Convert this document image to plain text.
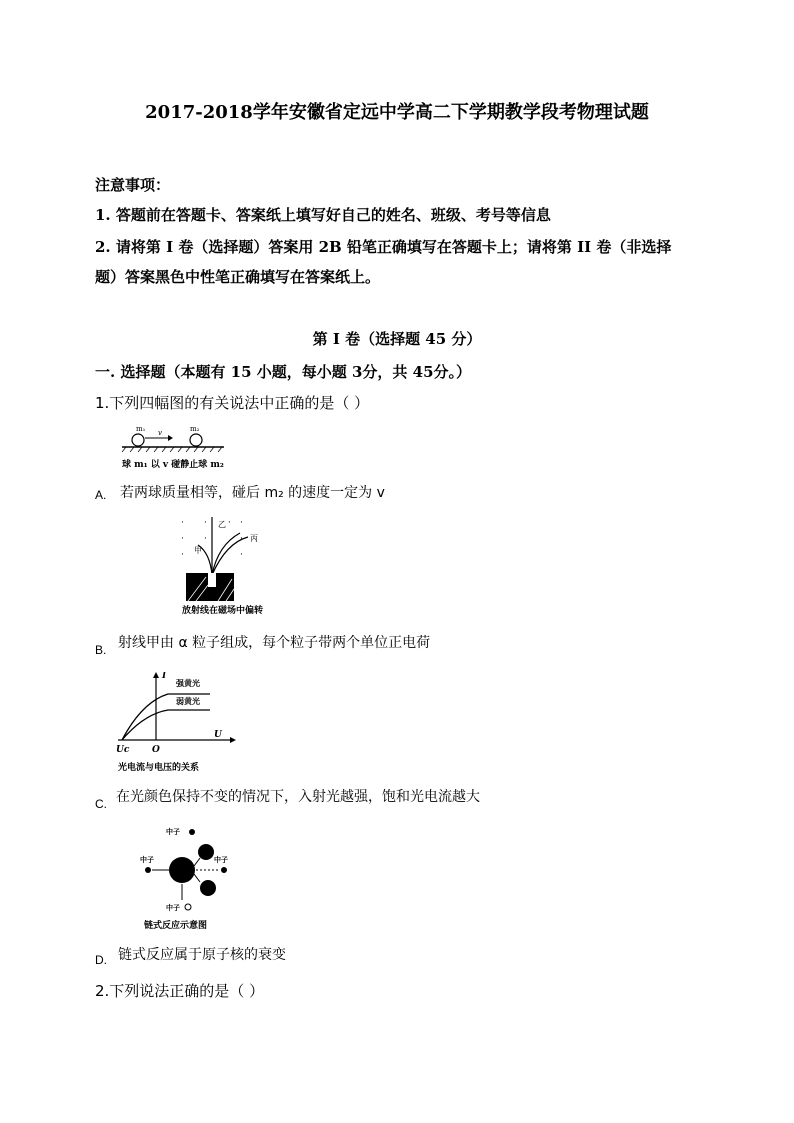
2017-2018学年安徽省定远中学高二下学期教学段考物理试题
注意事项：
1. 答题前在答题卡、答案纸上填写好自己的姓名、班级、考号等信息
2. 请将第 I 卷（选择题）答案用 2B 铅笔正确填写在答题卡上；请将第 II 卷（非选择
题）答案黑色中性笔正确填写在答案纸上。
第 I 卷（选择题 45 分）
一. 选择题（本题有 15 小题，每小题 3分，共 45分。）
1.下列四幅图的有关说法中正确的是（ ）
m₁	m₂
v
球 m₁ 以 v 碰静止球 m₂
A. 若两球质量相等，碰后 m₂ 的速度一定为 v
· · · ·
· ·	·
·	·
乙
丙
甲
放射线在磁场中偏转
B. 射线甲由 α 粒子组成，每个粒子带两个单位正电荷
I
U
强黄光
弱黄光
Uc	O
光电流与电压的关系
C. 在光颜色保持不变的情况下，入射光越强，饱和光电流越大
中子
中子	中子
中子
链式反应示意图
D. 链式反应属于原子核的衰变
2.下列说法正确的是（ ）
